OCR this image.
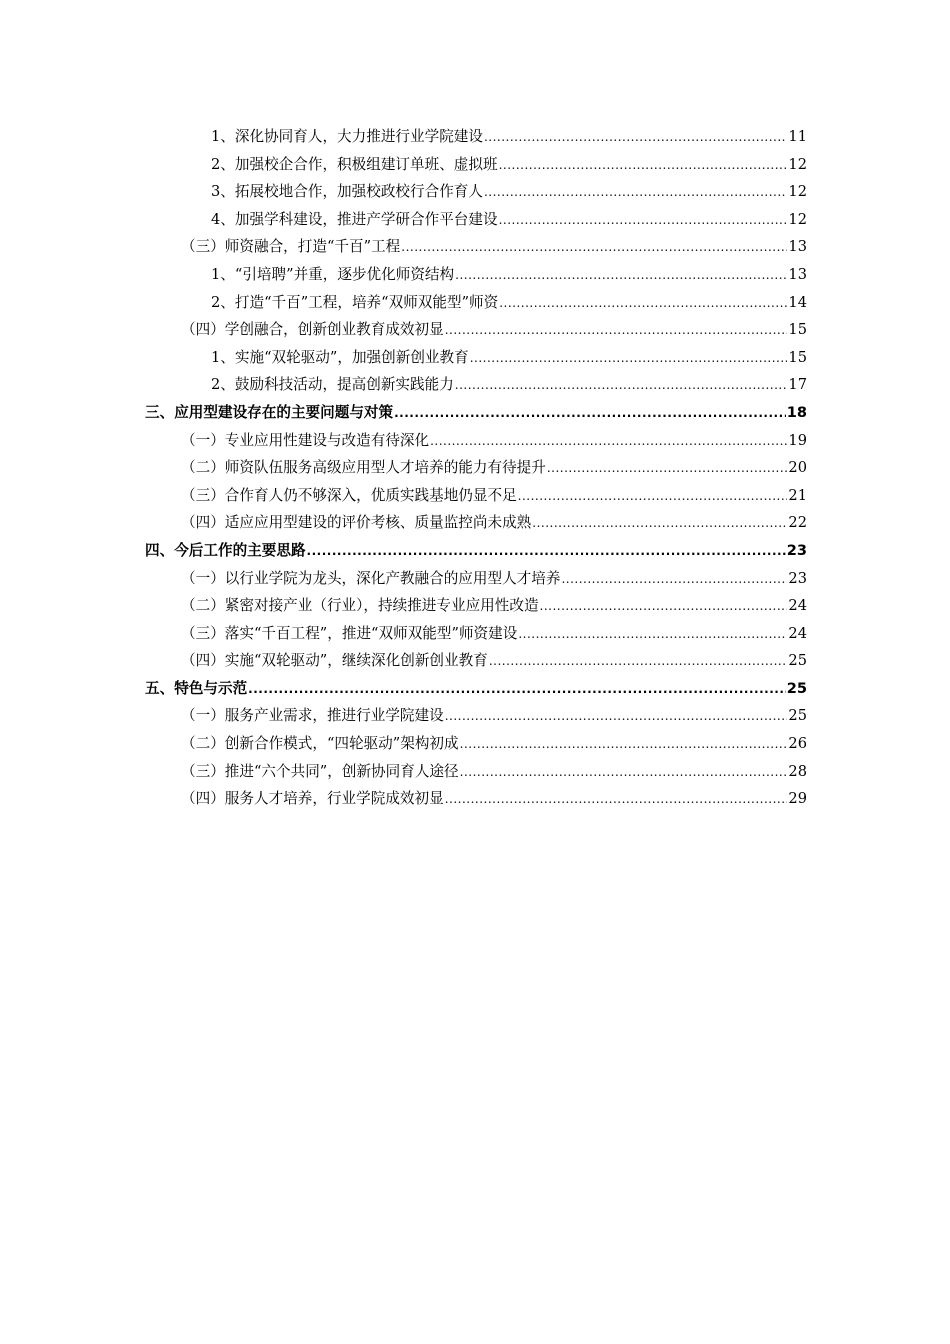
1、深化协同育人，大力推进行业学院建设 .....	11
2、加强校企合作，积极组建订单班、虚拟班 .....	12
3、拓展校地合作，加强校政校行合作育人 .....	12
4、加强学科建设，推进产学研合作平台建设 .....	12
（三）师资融合，打造“千百”工程 .....	13
1、“引培聘”并重，逐步优化师资结构 .....	13
2、打造“千百”工程，培养“双师双能型”师资 .....	14
（四）学创融合，创新创业教育成效初显 .....	15
1、实施“双轮驱动”，加强创新创业教育 .....	15
2、鼓励科技活动，提高创新实践能力 .....	17
三、应用型建设存在的主要问题与对策 .....	18
（一）专业应用性建设与改造有待深化 .....	19
（二）师资队伍服务高级应用型人才培养的能力有待提升 .....	20
（三）合作育人仍不够深入，优质实践基地仍显不足 .....	21
（四）适应应用型建设的评价考核、质量监控尚未成熟 .....	22
四、今后工作的主要思路 .....	23
（一）以行业学院为龙头，深化产教融合的应用型人才培养 .....	23
（二）紧密对接产业（行业），持续推进专业应用性改造 .....	24
（三）落实“千百工程”，推进“双师双能型”师资建设 .....	24
（四）实施“双轮驱动”，继续深化创新创业教育 .....	25
五、特色与示范 .....	25
（一）服务产业需求，推进行业学院建设 .....	25
（二）创新合作模式，“四轮驱动”架构初成 .....	26
（三）推进“六个共同”，创新协同育人途径 .....	28
（四）服务人才培养，行业学院成效初显 .....	29
